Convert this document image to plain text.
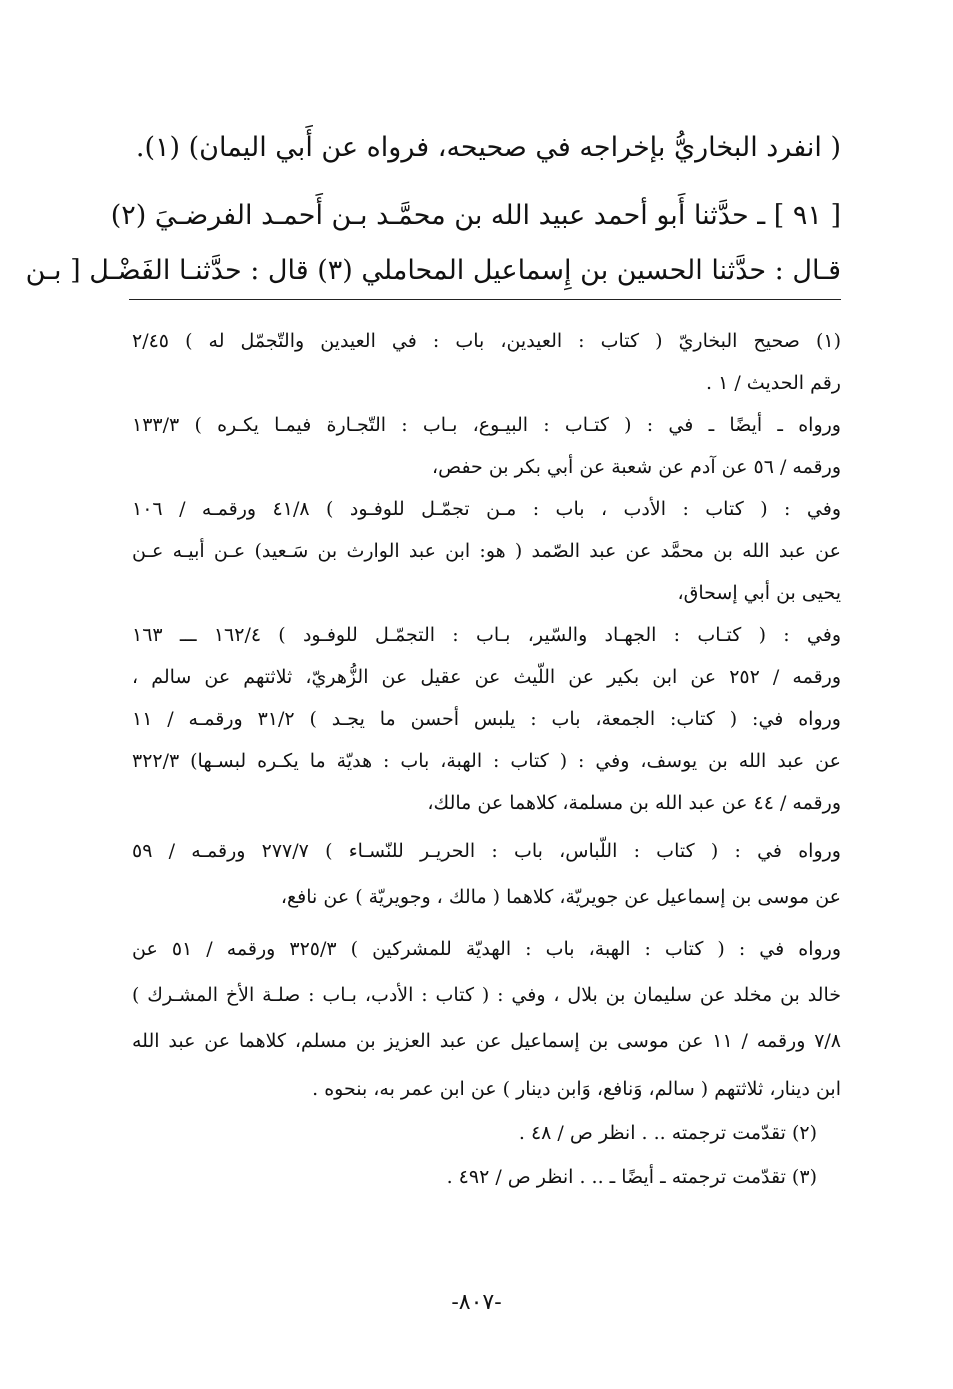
( انفرد البخاريُّ بإخراجه في صحيحه، فرواه عن أَبي اليمان) (١).
[ ٩١ ] ـ حدَّثنا أَبو أحمد عبيد الله بن محمَّـد بـن أَحمـد الفرضـيَ (٢)
قـال : حدَّثنا الحسين بن إِسماعيل المحاملي (٣) قال : حدَّثنـا الفَضْـل [ بـن
(١) صحيح البخاريّ ( كتاب : العيدين، باب : في العيدين والتّجمّل له ) ٢/٤٥
رقم الحديث / ١ .
ورواه ـ أيضًا ـ في : ( كتـاب : البيـوع، بـاب : التّجـارة فيمـا يكـره ) ١٣٣/٣
ورقمه / ٥٦ عن آدم عن شعبة عن أبي بكر بن حفص،
وفي : ( كتاب : الأدب ، باب : مـن تجمّـل للوفـود ) ٤١/٨ ورقمـه / ١٠٦
عن عبد الله بن محمَّد عن عبد الصّمد ( هو: ابن عبد الوارث بن سَـعيد) عـن أبيـه عـن
يحيى بن أبي إسحاق،
وفي : ( كتـاب : الجهـاد والسّير، بـاب : التجمّـل للوفـود ) ١٦٢/٤ ـــ ١٦٣
ورقمه / ٢٥٢ عن ابن بكير عن اللّيث عن عقيل عن الزُّهريّ، ثلاثتهم عن سالم ،
ورواه في: ( كتاب: الجمعة، باب : يلبس أحسن ما يجـد ) ٣١/٢ ورقمـه / ١١
عن عبد الله بن يوسف، وفي : ( كتاب : الهبة، باب : هديّة ما يكـره لبسـها) ٣٢٢/٣
ورقمه / ٤٤ عن عبد الله بن مسلمة، كلاهما عن مالك،
ورواه في : ( كتاب : اللّباس، باب : الحريـر للنّسـاء ) ٢٧٧/٧ ورقمـه / ٥٩
عن موسى بن إسماعيل عن جويريّة، كلاهما ( مالك ، وجويريّة ) عن نافع،
ورواه في : ( كتاب : الهبة، باب : الهديّة للمشركين ) ٣٢٥/٣ ورقمه / ٥١ عن
خالد بن مخلد عن سليمان بن بلال ، وفي : ( كتاب : الأدب، بـاب : صلـة الأخ المشـرك )
٧/٨ ورقمه / ١١ عن موسى بن إسماعيل عن عبد العزيز بن مسلم، كلاهما عن عبد الله
ابن دينار، ثلاثتهم ( سالم، وَنافع، وَابن دينار ) عن ابن عمر به، بنحوه .
(٢) تقدّمت ترجمته .. . انظر ص / ٤٨ .
(٣) تقدّمت ترجمته ـ أيضًا ـ .. . انظر ص / ٤٩٢ .
-٨٠٧-
